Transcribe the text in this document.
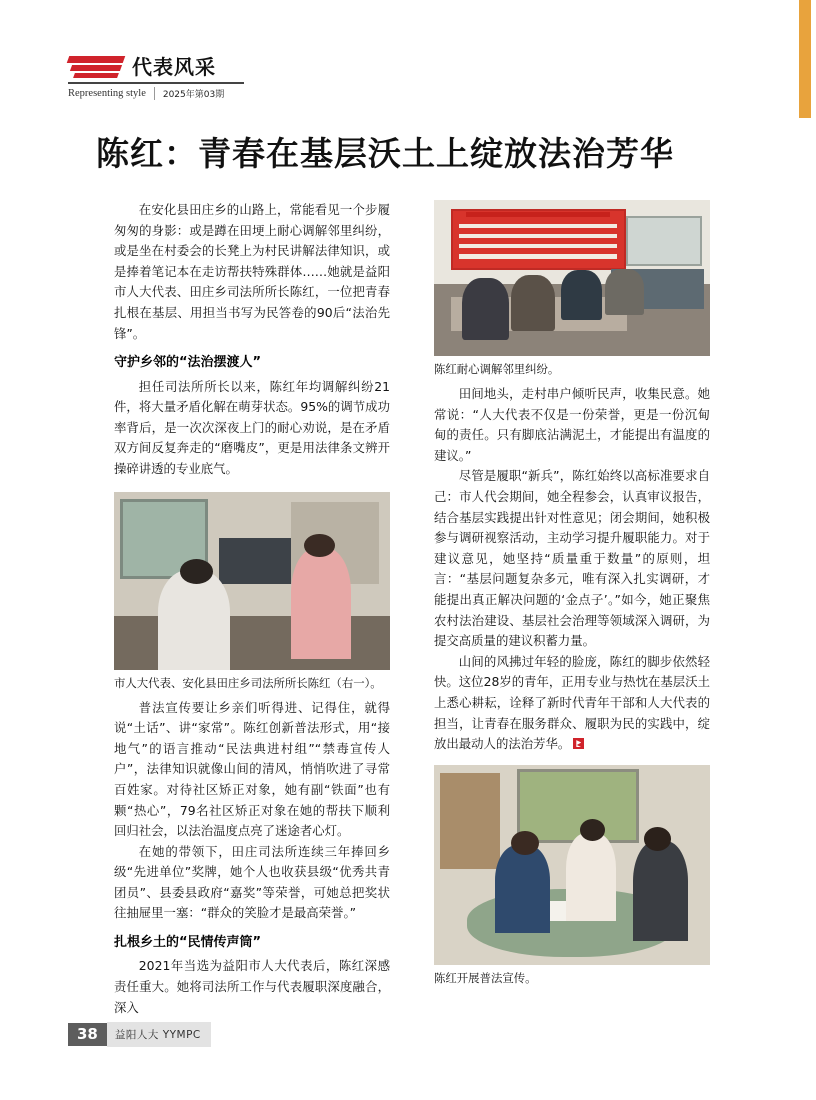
代表风采
Representing style	2025年第03期
陈红：青春在基层沃土上绽放法治芳华

在安化县田庄乡的山路上，常能看见一个步履匆匆的身影：或是蹲在田埂上耐心调解邻里纠纷，或是坐在村委会的长凳上为村民讲解法律知识，或是捧着笔记本在走访帮扶特殊群体……她就是益阳市人大代表、田庄乡司法所所长陈红，一位把青春扎根在基层、用担当书写为民答卷的90后“法治先锋”。

守护乡邻的“法治摆渡人”

担任司法所所长以来，陈红年均调解纠纷21件，将大量矛盾化解在萌芽状态。95%的调节成功率背后，是一次次深夜上门的耐心劝说，是在矛盾双方间反复奔走的“磨嘴皮”，更是用法律条文辨开操碎讲透的专业底气。

市人大代表、安化县田庄乡司法所所长陈红（右一）。

普法宣传要让乡亲们听得进、记得住，就得说“土话”、讲“家常”。陈红创新普法形式，用“接地气”的语言推动“民法典进村组”“禁毒宣传人户”，法律知识就像山间的清风，悄悄吹进了寻常百姓家。对待社区矫正对象，她有副“铁面”也有颗“热心”，79名社区矫正对象在她的帮扶下顺利回归社会，以法治温度点亮了迷途者心灯。

在她的带领下，田庄司法所连续三年捧回乡级“先进单位”奖牌，她个人也收获县级“优秀共青团员”、县委县政府“嘉奖”等荣誉，可她总把奖状往抽屉里一塞：“群众的笑脸才是最高荣誉。”

扎根乡土的“民情传声筒”

2021年当选为益阳市人大代表后，陈红深感责任重大。她将司法所工作与代表履职深度融合，深入

陈红耐心调解邻里纠纷。

田间地头，走村串户倾听民声，收集民意。她常说：“人大代表不仅是一份荣誉，更是一份沉甸甸的责任。只有脚底沾满泥土，才能提出有温度的建议。”

尽管是履职“新兵”，陈红始终以高标准要求自己：市人代会期间，她全程参会，认真审议报告，结合基层实践提出针对性意见；闭会期间，她积极参与调研视察活动，主动学习提升履职能力。对于建议意见，她坚持“质量重于数量”的原则，坦言：“基层问题复杂多元，唯有深入扎实调研，才能提出真正解决问题的‘金点子’。”如今，她正聚焦农村法治建设、基层社会治理等领域深入调研，为提交高质量的建议积蓄力量。

山间的风拂过年轻的脸庞，陈红的脚步依然轻快。这位28岁的青年，正用专业与热忱在基层沃土上悉心耕耘，诠释了新时代青年干部和人大代表的担当，让青春在服务群众、履职为民的实践中，绽放出最动人的法治芳华。

陈红开展普法宣传。
38	益阳人大 YYMPC
